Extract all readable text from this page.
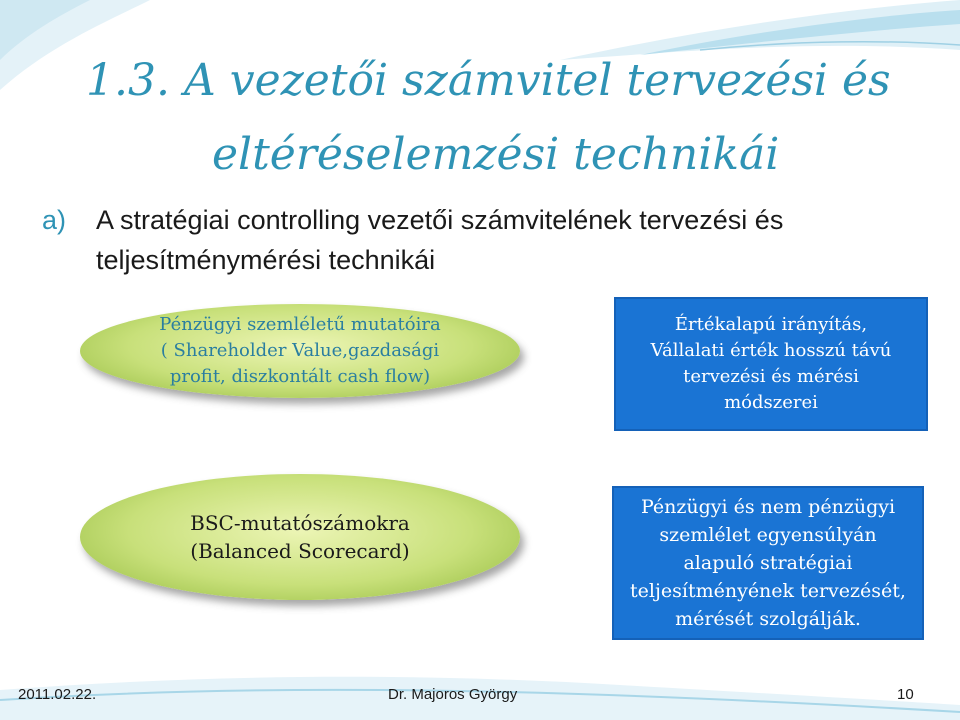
1.3. A vezetői számvitel tervezési és
eltéréselemzési technikái
a)	A stratégiai controlling vezetői számvitelének tervezési és teljesítménymérési technikái
Pénzügyi szemléletű mutatóira
( Shareholder Value,gazdasági
profit, diszkontált cash flow)
Értékalapú irányítás,
Vállalati érték hosszú távú
tervezési és mérési
módszerei
BSC-mutatószámokra
(Balanced Scorecard)
Pénzügyi és nem pénzügyi
szemlélet egyensúlyán
alapuló stratégiai
teljesítményének tervezését,
mérését szolgálják.
2011.02.22.	Dr. Majoros György	10
